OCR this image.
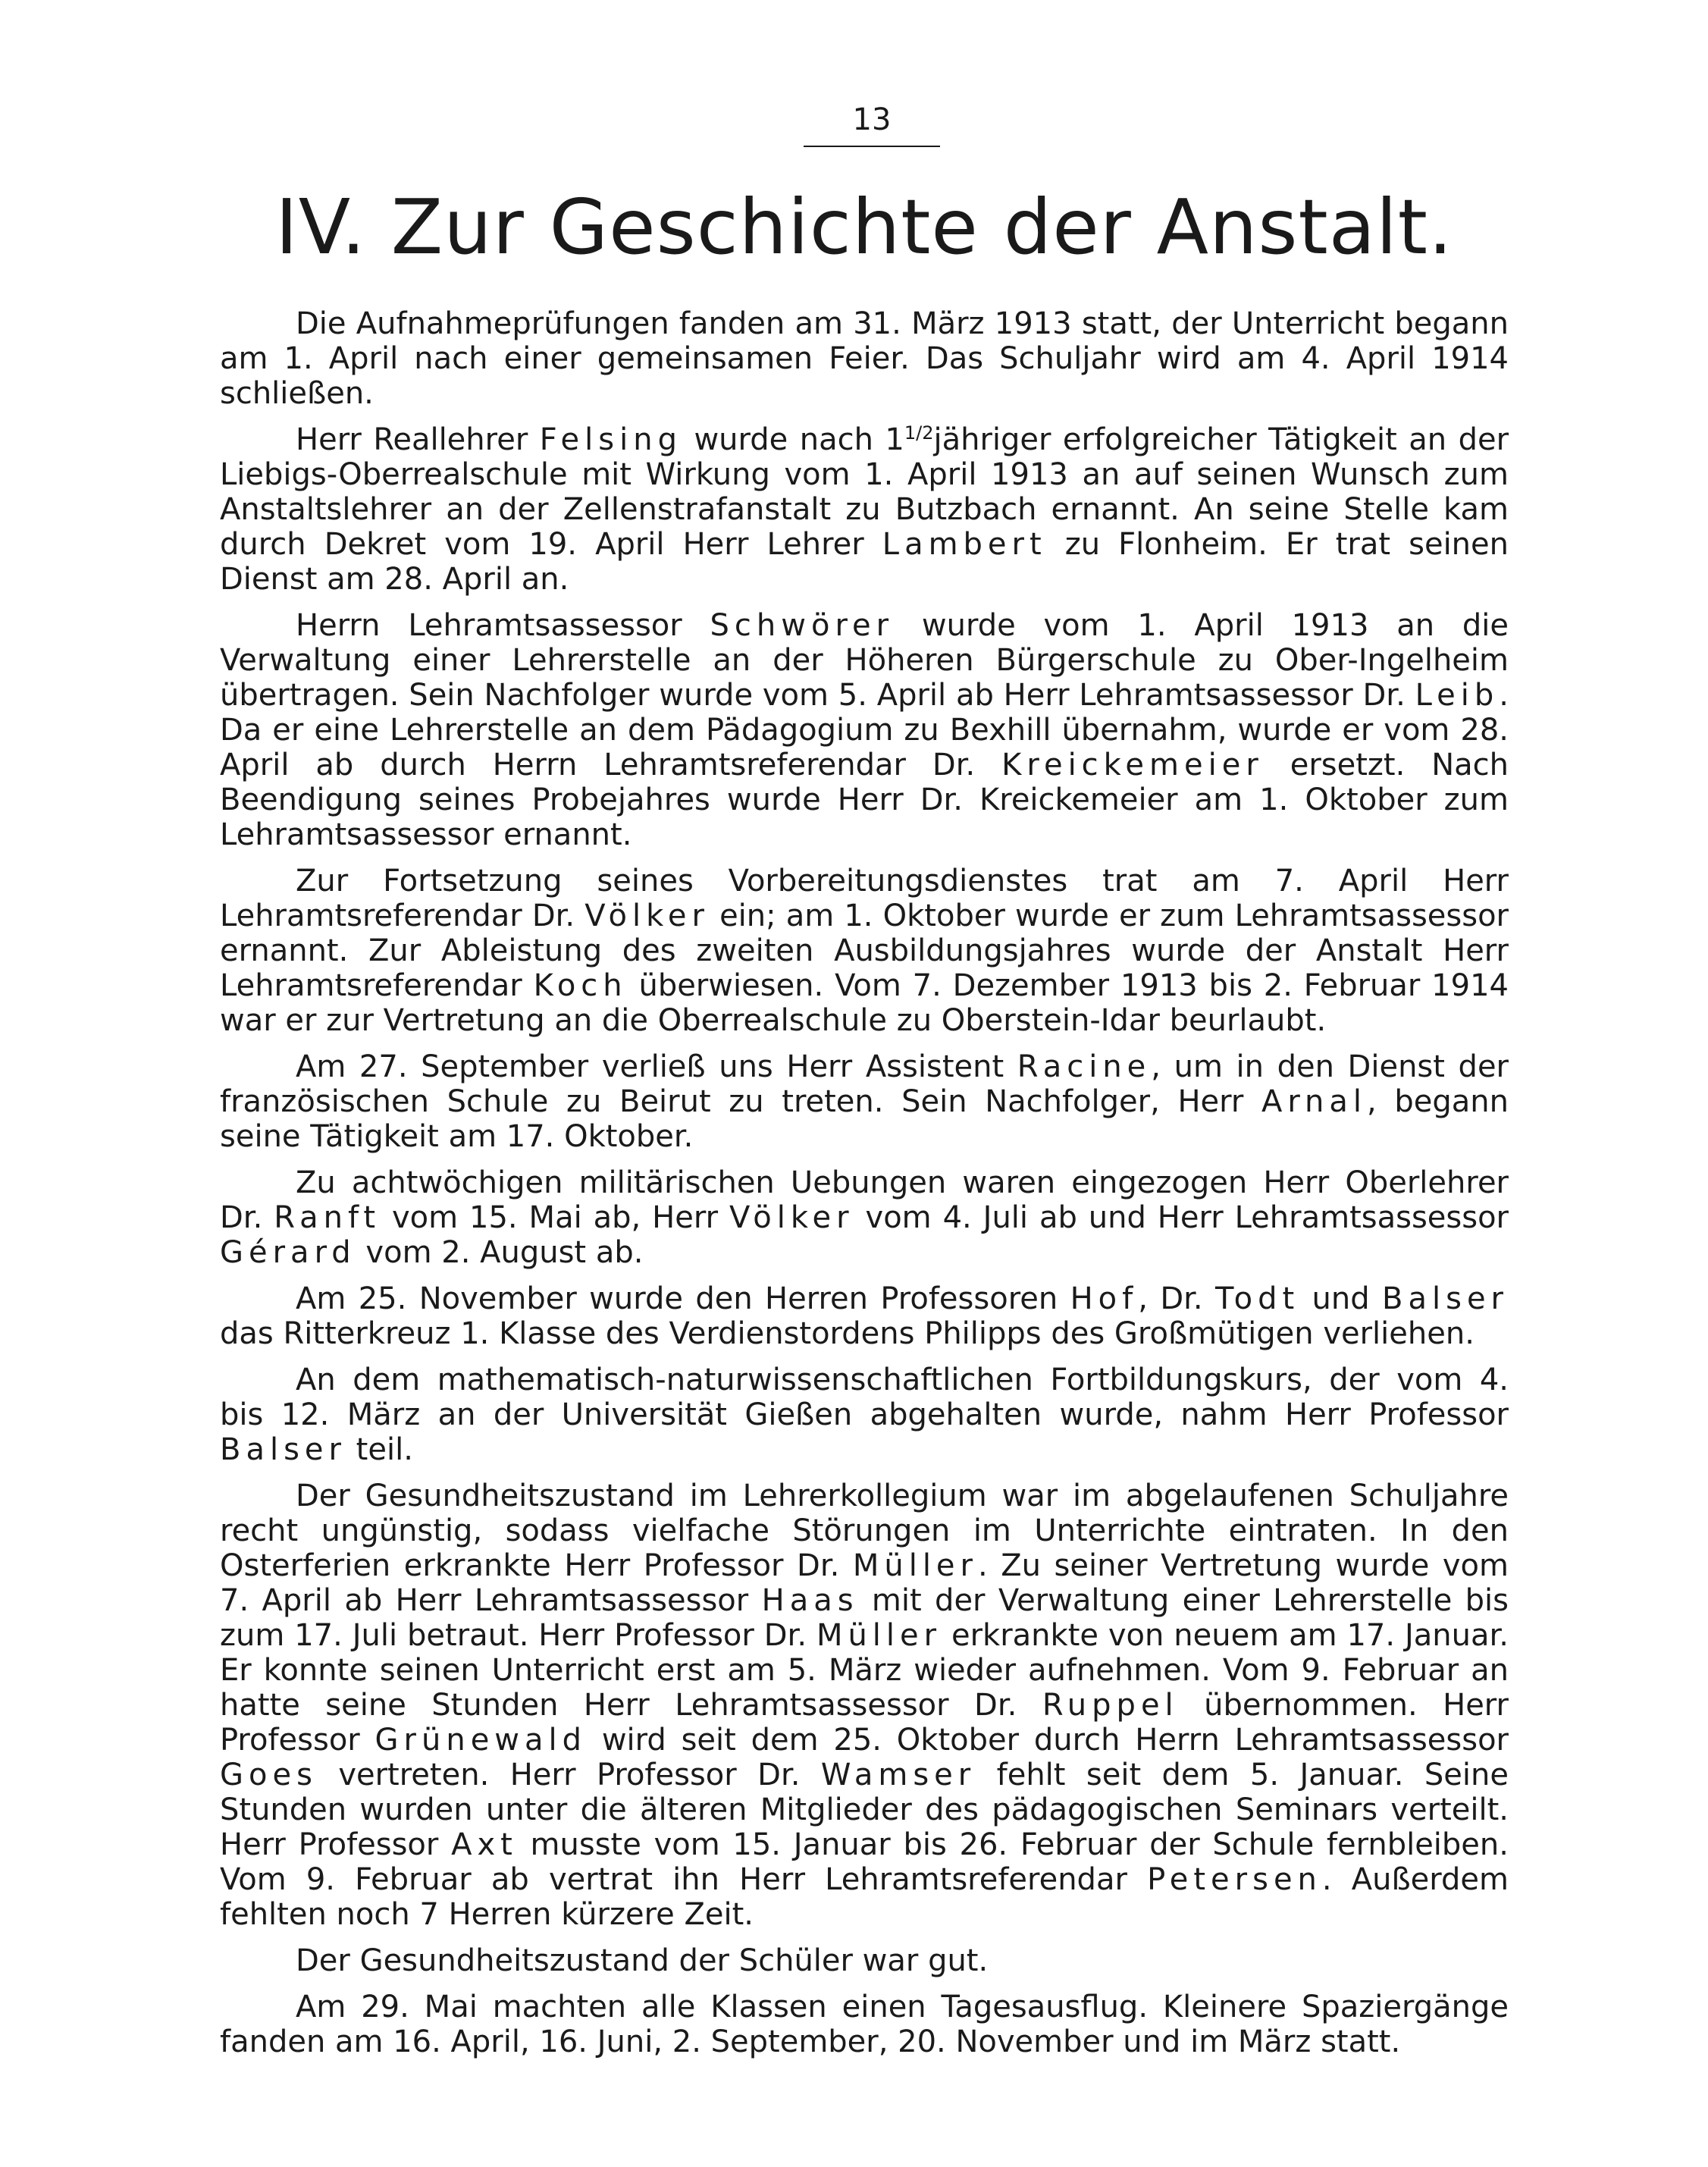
13
IV. Zur Geschichte der Anstalt.

Die Aufnahmeprüfungen fanden am 31. März 1913 statt, der Unterricht begann am 1. April nach einer gemeinsamen Feier. Das Schuljahr wird am 4. April 1914 schließen.

Herr Reallehrer Felsing wurde nach $1^{1/2}jähriger$ erfolgreicher Tätigkeit an der Liebigs-Oberrealschule mit Wirkung vom 1. April 1913 an auf seinen Wunsch zum Anstaltslehrer an der Zellenstrafanstalt zu Butzbach ernannt. An seine Stelle kam durch Dekret vom 19. April Herr Lehrer Lambert zu Flonheim. Er trat seinen Dienst am 28. April an.

Herrn Lehramtsassessor Schwörer wurde vom 1. April 1913 an die Verwaltung einer Lehrerstelle an der Höheren Bürgerschule zu Ober-Ingelheim übertragen. Sein Nachfolger wurde vom 5. April ab Herr Lehramtsassessor Dr. Leib. Da er eine Lehrerstelle an dem Pädagogium zu Bexhill übernahm, wurde er vom 28. April ab durch Herrn Lehramtsreferendar Dr. Kreickemeier ersetzt. Nach Beendigung seines Probejahres wurde Herr Dr. Kreickemeier am 1. Oktober zum Lehramtsassessor ernannt.

Zur Fortsetzung seines Vorbereitungsdienstes trat am 7. April Herr Lehramtsreferendar Dr. Völker ein; am 1. Oktober wurde er zum Lehramtsassessor ernannt. Zur Ableistung des zweiten Ausbildungsjahres wurde der Anstalt Herr Lehramtsreferendar Koch überwiesen. Vom 7. Dezember 1913 bis 2. Februar 1914 war er zur Vertretung an die Oberrealschule zu Oberstein-Idar beurlaubt.

Am 27. September verließ uns Herr Assistent Racine, um in den Dienst der französischen Schule zu Beirut zu treten. Sein Nachfolger, Herr Arnal, begann seine Tätigkeit am 17. Oktober.

Zu achtwöchigen militärischen Uebungen waren eingezogen Herr Oberlehrer Dr. Ranft vom 15. Mai ab, Herr Völker vom 4. Juli ab und Herr Lehramtsassessor Gérard vom 2. August ab.

Am 25. November wurde den Herren Professoren Hof, Dr. Todt und Balser das Ritterkreuz 1. Klasse des Verdienstordens Philipps des Großmütigen verliehen.

An dem mathematisch-naturwissenschaftlichen Fortbildungskurs, der vom 4. bis 12. März an der Universität Gießen abgehalten wurde, nahm Herr Professor Balser teil.

Der Gesundheitszustand im Lehrerkollegium war im abgelaufenen Schuljahre recht ungünstig, sodass vielfache Störungen im Unterrichte eintraten. In den Osterferien erkrankte Herr Professor Dr. Müller. Zu seiner Vertretung wurde vom 7. April ab Herr Lehramtsassessor Haas mit der Verwaltung einer Lehrerstelle bis zum 17. Juli betraut. Herr Professor Dr. Müller erkrankte von neuem am 17. Januar. Er konnte seinen Unterricht erst am 5. März wieder aufnehmen. Vom 9. Februar an hatte seine Stunden Herr Lehramtsassessor Dr. Ruppel übernommen. Herr Professor Grünewald wird seit dem 25. Oktober durch Herrn Lehramtsassessor Goes vertreten. Herr Professor Dr. Wamser fehlt seit dem 5. Januar. Seine Stunden wurden unter die älteren Mitglieder des pädagogischen Seminars verteilt. Herr Professor Axt musste vom 15. Januar bis 26. Februar der Schule fernbleiben. Vom 9. Februar ab vertrat ihn Herr Lehramtsreferendar Petersen. Außerdem fehlten noch 7 Herren kürzere Zeit.

Der Gesundheitszustand der Schüler war gut.

Am 29. Mai machten alle Klassen einen Tagesausflug. Kleinere Spaziergänge fanden am 16. April, 16. Juni, 2. September, 20. November und im März statt.
